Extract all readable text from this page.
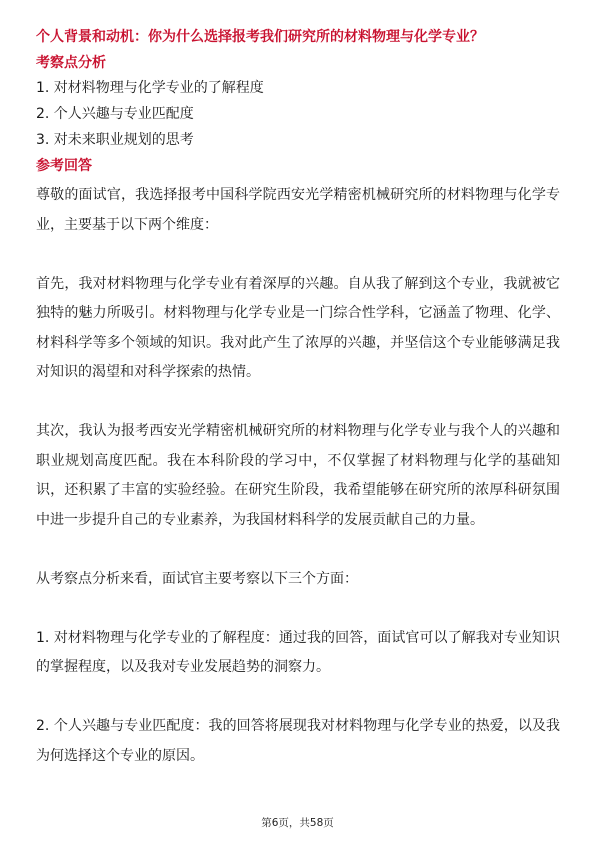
个人背景和动机：你为什么选择报考我们研究所的材料物理与化学专业？
考察点分析
1. 对材料物理与化学专业的了解程度
2. 个人兴趣与专业匹配度
3. 对未来职业规划的思考
参考回答

尊敬的面试官，我选择报考中国科学院西安光学精密机械研究所的材料物理与化学专业，主要基于以下两个维度：

首先，我对材料物理与化学专业有着深厚的兴趣。自从我了解到这个专业，我就被它独特的魅力所吸引。材料物理与化学专业是一门综合性学科，它涵盖了物理、化学、材料科学等多个领域的知识。我对此产生了浓厚的兴趣，并坚信这个专业能够满足我对知识的渴望和对科学探索的热情。

其次，我认为报考西安光学精密机械研究所的材料物理与化学专业与我个人的兴趣和职业规划高度匹配。我在本科阶段的学习中，不仅掌握了材料物理与化学的基础知识，还积累了丰富的实验经验。在研究生阶段，我希望能够在研究所的浓厚科研氛围中进一步提升自己的专业素养，为我国材料科学的发展贡献自己的力量。

从考察点分析来看，面试官主要考察以下三个方面：

1. 对材料物理与化学专业的了解程度：通过我的回答，面试官可以了解我对专业知识的掌握程度，以及我对专业发展趋势的洞察力。

2. 个人兴趣与专业匹配度：我的回答将展现我对材料物理与化学专业的热爱，以及我为何选择这个专业的原因。

第6页，共58页
